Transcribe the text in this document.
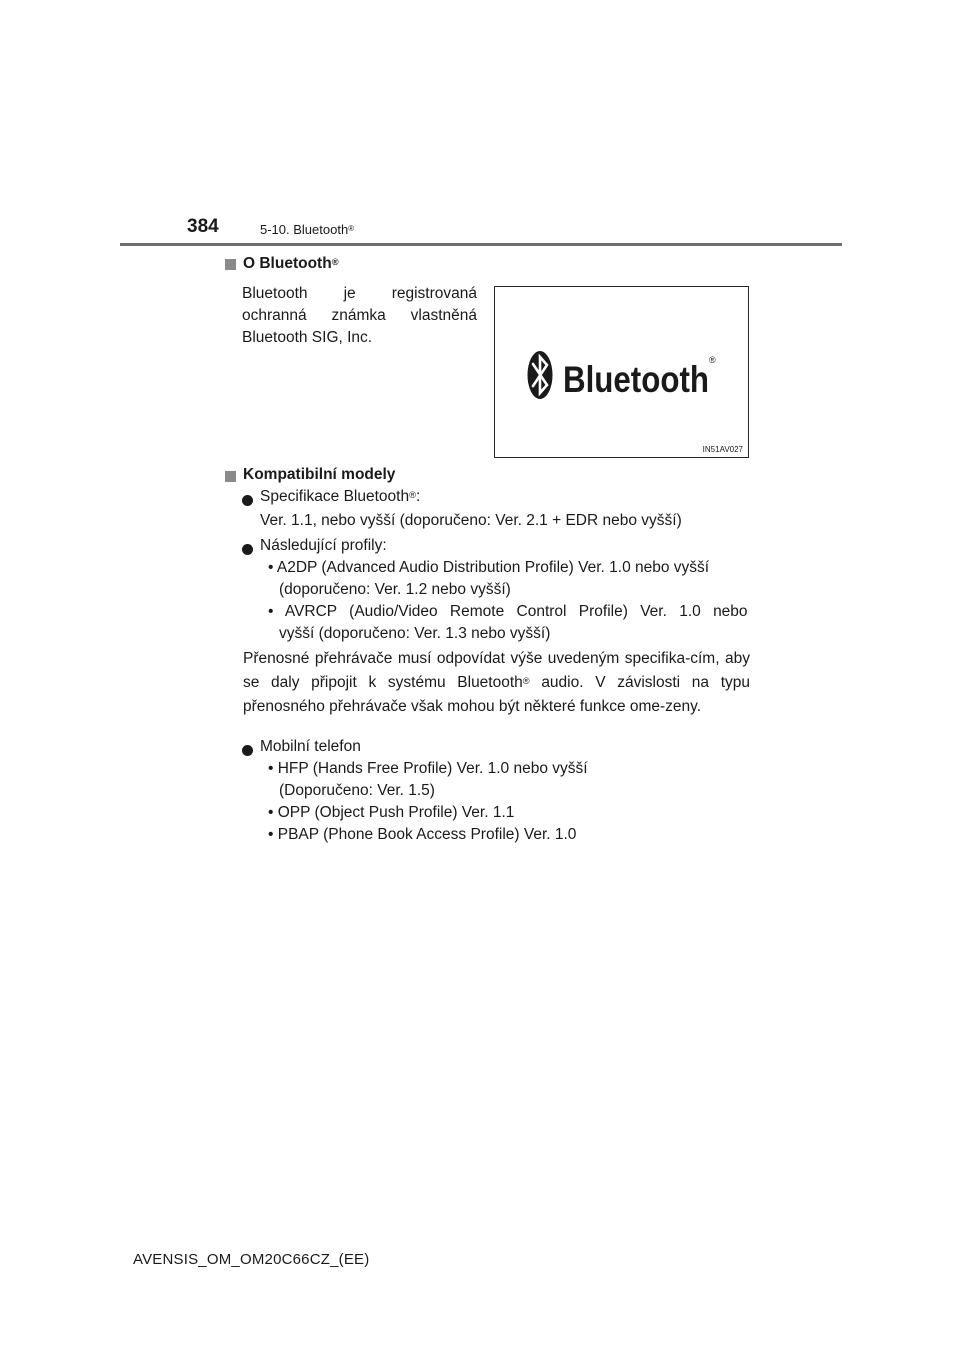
384	5-10. Bluetooth®
O Bluetooth®
Bluetooth je registrovaná ochranná známka vlastněná Bluetooth SIG, Inc.
Bluetooth ®
IN51AV027
Kompatibilní modely
Specifikace Bluetooth®:
Ver. 1.1, nebo vyšší (doporučeno: Ver. 2.1 + EDR nebo vyšší)
Následující profily:
• A2DP (Advanced Audio Distribution Profile) Ver. 1.0 nebo vyšší
(doporučeno: Ver. 1.2 nebo vyšší)
• AVRCP (Audio/Video Remote Control Profile) Ver. 1.0 nebo
vyšší (doporučeno: Ver. 1.3 nebo vyšší)
Přenosné přehrávače musí odpovídat výše uvedeným specifika-cím, aby se daly připojit k systému Bluetooth® audio. V závislosti na typu přenosného přehrávače však mohou být některé funkce ome-zeny.
Mobilní telefon
• HFP (Hands Free Profile) Ver. 1.0 nebo vyšší
(Doporučeno: Ver. 1.5)
• OPP (Object Push Profile) Ver. 1.1
• PBAP (Phone Book Access Profile) Ver. 1.0
AVENSIS_OM_OM20C66CZ_(EE)
